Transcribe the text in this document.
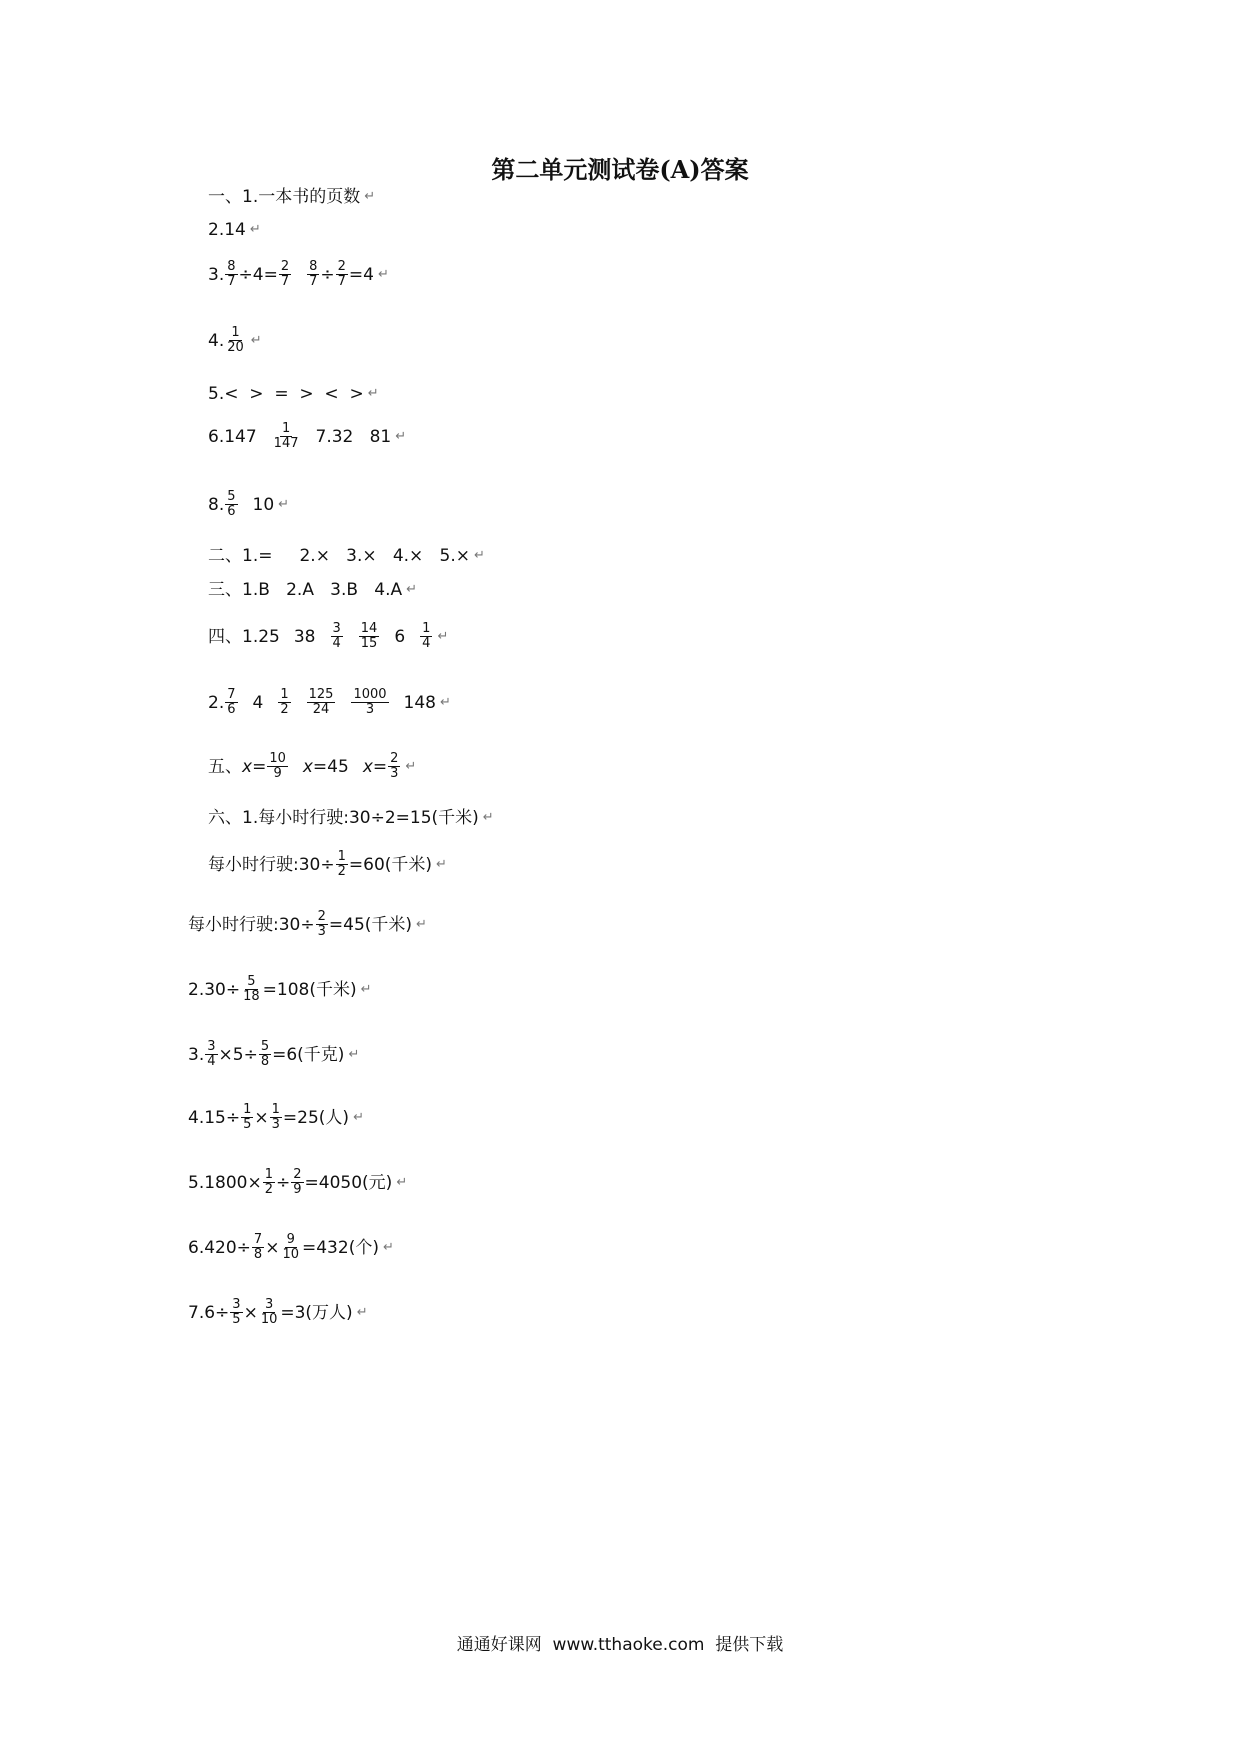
第二单元测试卷(A)答案
一、1.一本书的页数 ↵
2.14 ↵
3. $\frac{8}{7} \div 4= \frac{2}{7} \frac{8}{7} \div \frac{2}{7} =4$ ↵
4. $\frac{1}{20}$ ↵
5.<  >  =  >  <  > ↵
$6.147 \frac{1}{147} 7.32$   81 ↵
8. $\frac{5}{6} 10$ ↵
二、1.=     2.×   3.×   4.×   5.× ↵
三、1.B   2.A   3.B   4.A ↵
四、1.25 $38 \frac{3}{4} \frac{14}{15} 6 \frac{1}{4}$ ↵
2. $\frac{7}{6} 4 \frac{1}{2} \frac{125}{24} \frac{1000}{3} 148$ ↵
五、 $x = \frac{10}{9}$ x =45 $x = \frac{2}{3}$ ↵
六、1.每小时行驶:30÷2=15(千米) ↵
每小时行驶:30÷ $\frac{1}{2} =60$(千米) ↵
每小时行驶:30÷ $\frac{2}{3} =45$(千米) ↵
$2.30\div \frac{5}{18} =108$(千米) ↵
3. $\frac{3}{4} \times 5\div \frac{5}{8} =6$(千克) ↵
$4.15\div \frac{1}{5} \times \frac{1}{3} =25$(人) ↵
$5.1800\times \frac{1}{2} \div \frac{2}{9} =4050$(元) ↵
$6.420\div \frac{7}{8} \times \frac{9}{10} =432$(个) ↵
$7.6\div \frac{3}{5} \times \frac{3}{10} =3$(万人) ↵
通通好课网  www.tthaoke.com  提供下载
